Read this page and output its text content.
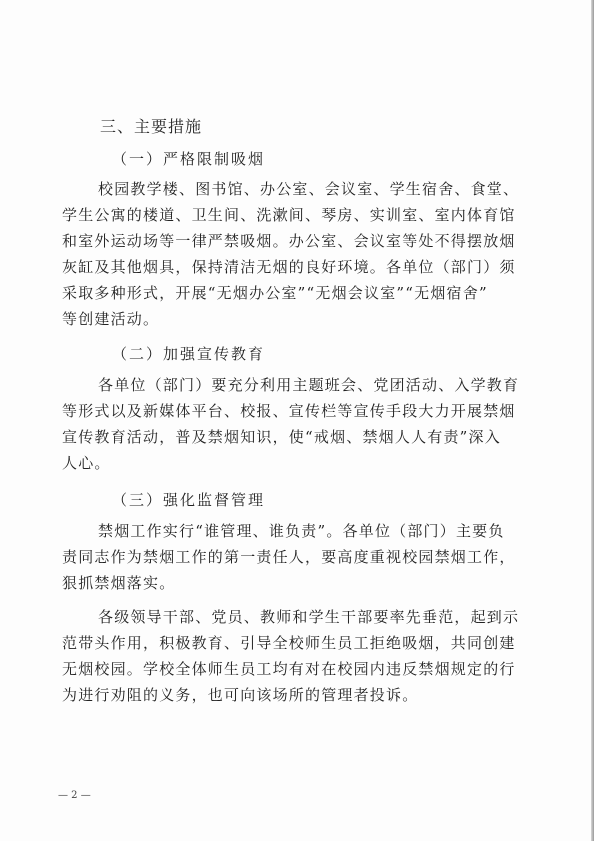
三、主要措施
（一）严格限制吸烟
校园教学楼、图书馆、办公室、会议室、学生宿舍、食堂、
学生公寓的楼道、卫生间、洗漱间、琴房、实训室、室内体育馆
和室外运动场等一律严禁吸烟。办公室、会议室等处不得摆放烟
灰缸及其他烟具，保持清洁无烟的良好环境。各单位（部门）须
采取多种形式，开展“无烟办公室”“无烟会议室”“无烟宿舍”
等创建活动。
（二）加强宣传教育
各单位（部门）要充分利用主题班会、党团活动、入学教育
等形式以及新媒体平台、校报、宣传栏等宣传手段大力开展禁烟
宣传教育活动，普及禁烟知识，使“戒烟、禁烟人人有责”深入
人心。
（三）强化监督管理
禁烟工作实行“谁管理、谁负责”。各单位（部门）主要负
责同志作为禁烟工作的第一责任人，要高度重视校园禁烟工作，
狠抓禁烟落实。
各级领导干部、党员、教师和学生干部要率先垂范，起到示
范带头作用，积极教育、引导全校师生员工拒绝吸烟，共同创建
无烟校园。学校全体师生员工均有对在校园内违反禁烟规定的行
为进行劝阻的义务，也可向该场所的管理者投诉。
— 2 —
